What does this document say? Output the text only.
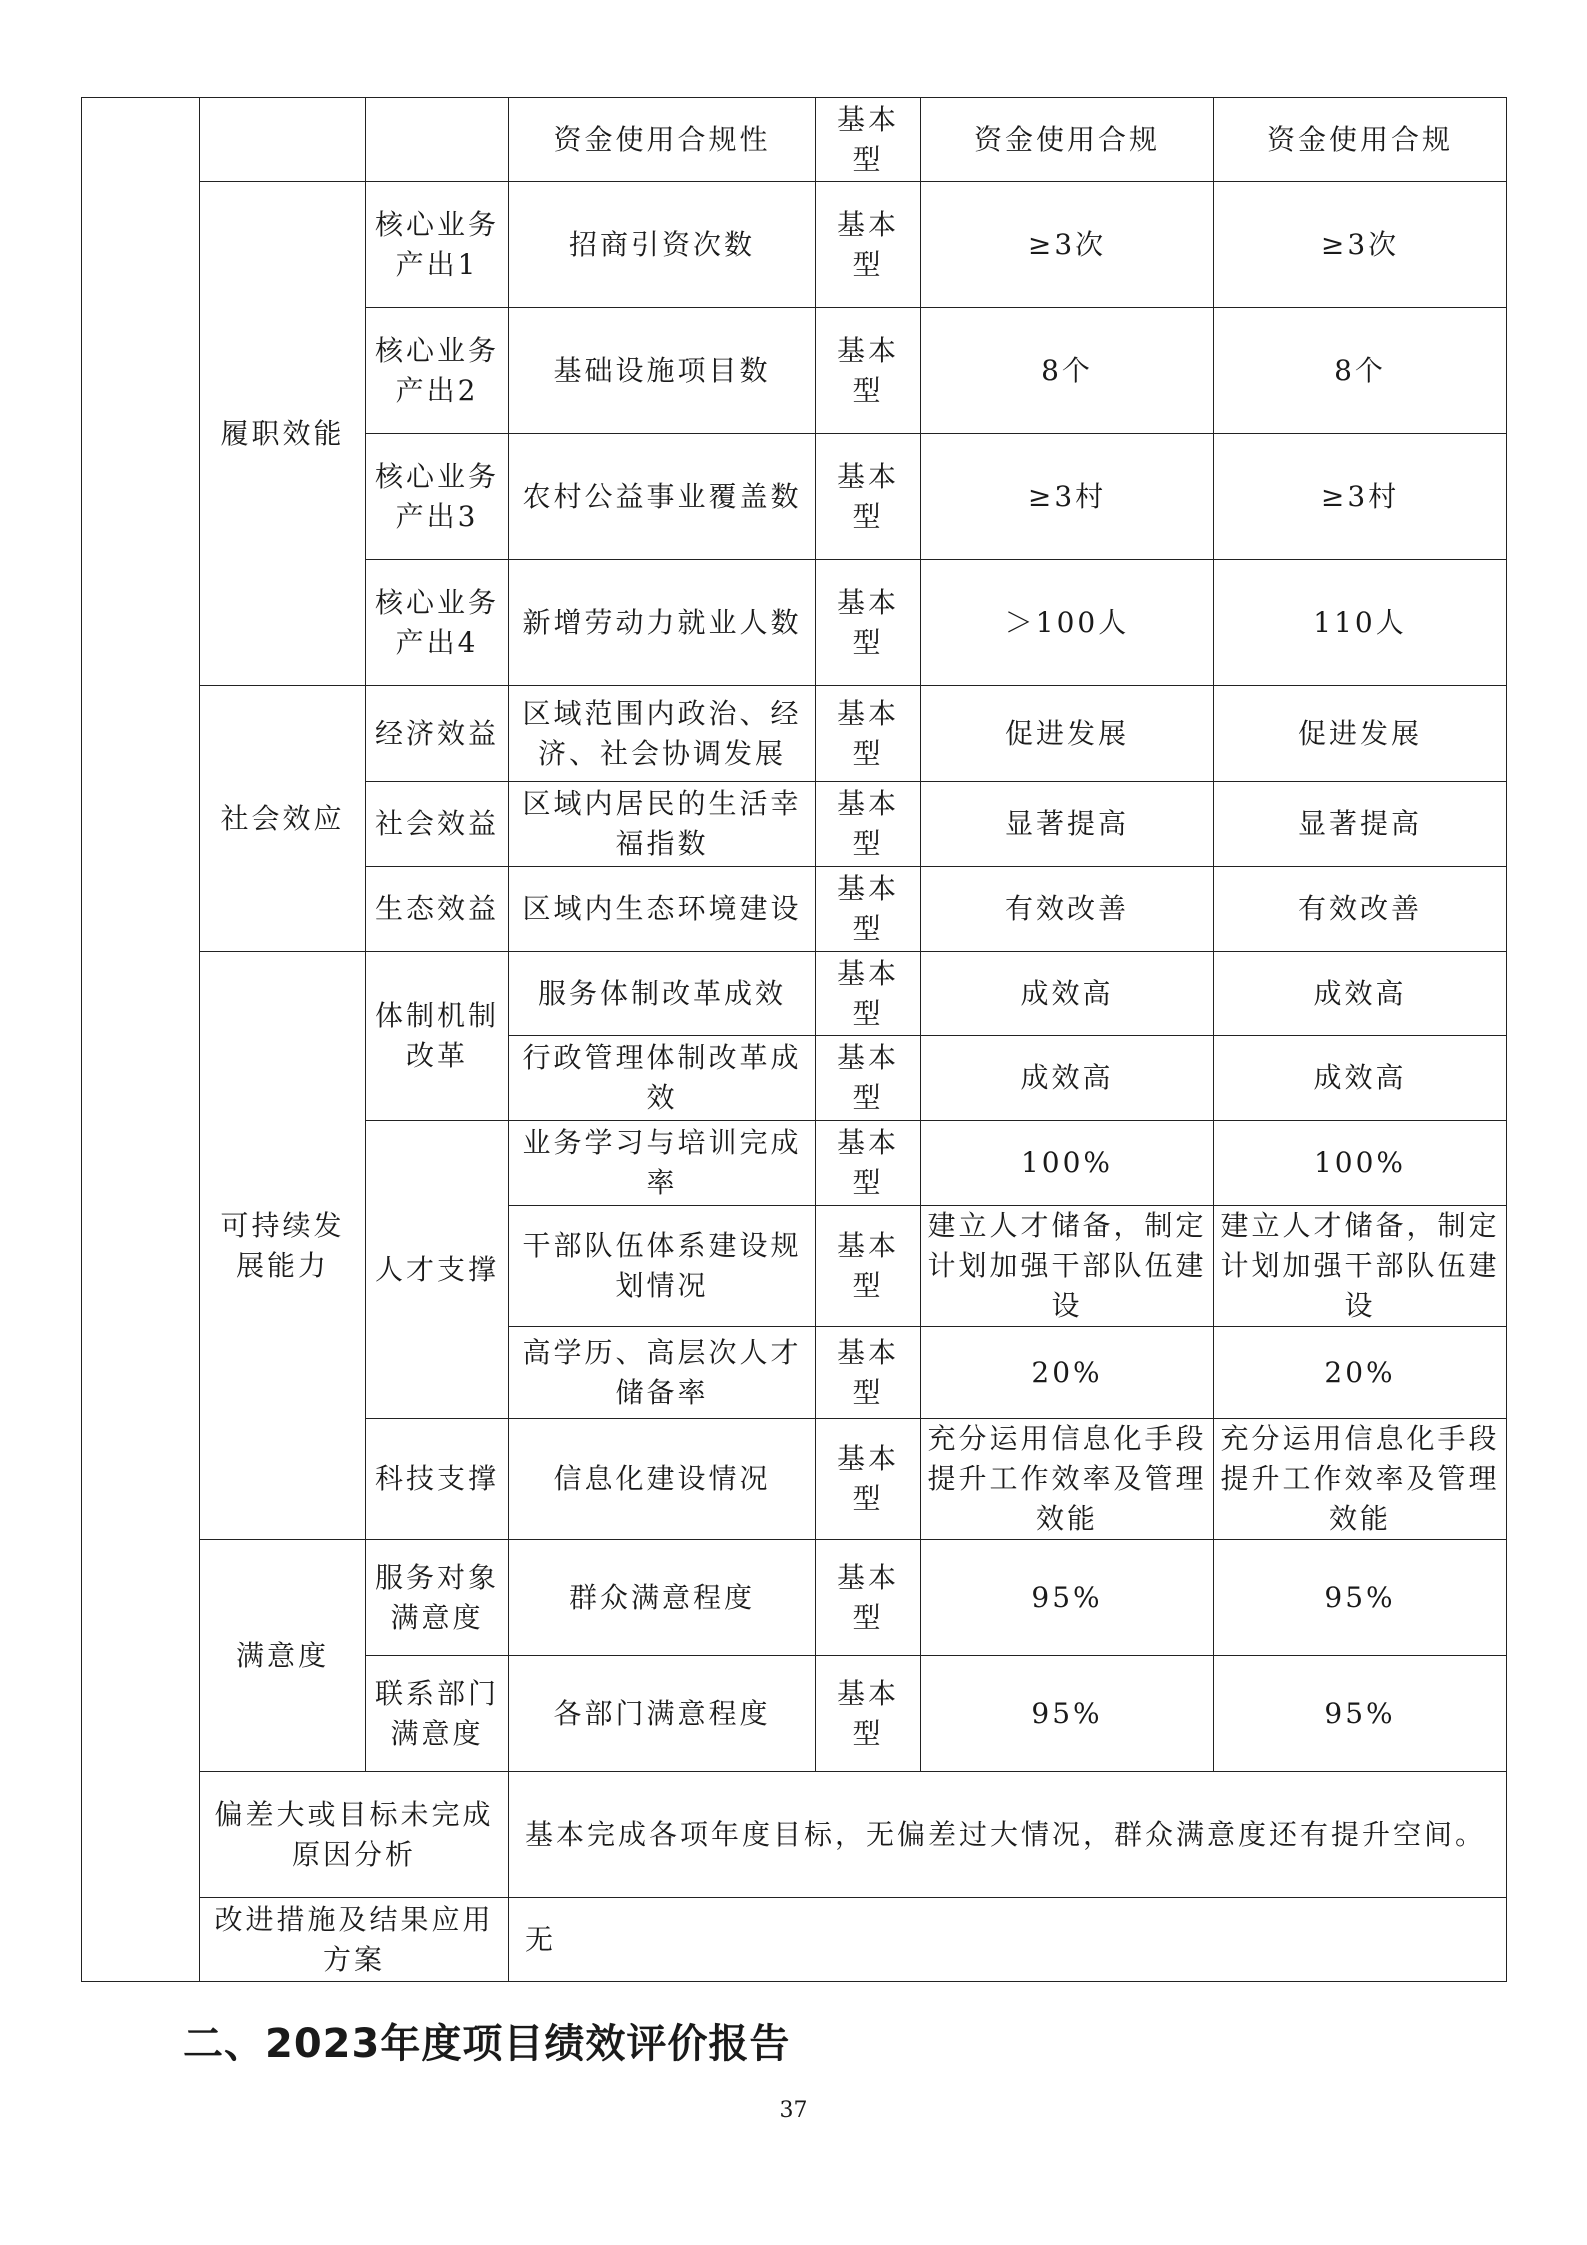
			资金使用合规性	基本型	资金使用合规	资金使用合规
	履职效能	核心业务产出1	招商引资次数	基本型	≥3次	≥3次
		核心业务产出2	基础设施项目数	基本型	8个	8个
		核心业务产出3	农村公益事业覆盖数	基本型	≥3村	≥3村
		核心业务产出4	新增劳动力就业人数	基本型	＞100人	110人
	社会效应	经济效益	区域范围内政治、经济、社会协调发展	基本型	促进发展	促进发展
		社会效益	区域内居民的生活幸福指数	基本型	显著提高	显著提高
		生态效益	区域内生态环境建设	基本型	有效改善	有效改善
	可持续发展能力	体制机制改革	服务体制改革成效	基本型	成效高	成效高
			行政管理体制改革成效	基本型	成效高	成效高
		人才支撑	业务学习与培训完成率	基本型	100%	100%
			干部队伍体系建设规划情况	基本型	建立人才储备，制定计划加强干部队伍建设	建立人才储备，制定计划加强干部队伍建设
			高学历、高层次人才储备率	基本型	20%	20%
		科技支撑	信息化建设情况	基本型	充分运用信息化手段提升工作效率及管理效能	充分运用信息化手段提升工作效率及管理效能
	满意度	服务对象满意度	群众满意程度	基本型	95%	95%
		联系部门满意度	各部门满意程度	基本型	95%	95%
	偏差大或目标未完成原因分析		基本完成各项年度目标，无偏差过大情况，群众满意度还有提升空间。			
	改进措施及结果应用方案		无			
二、2023年度项目绩效评价报告
37
